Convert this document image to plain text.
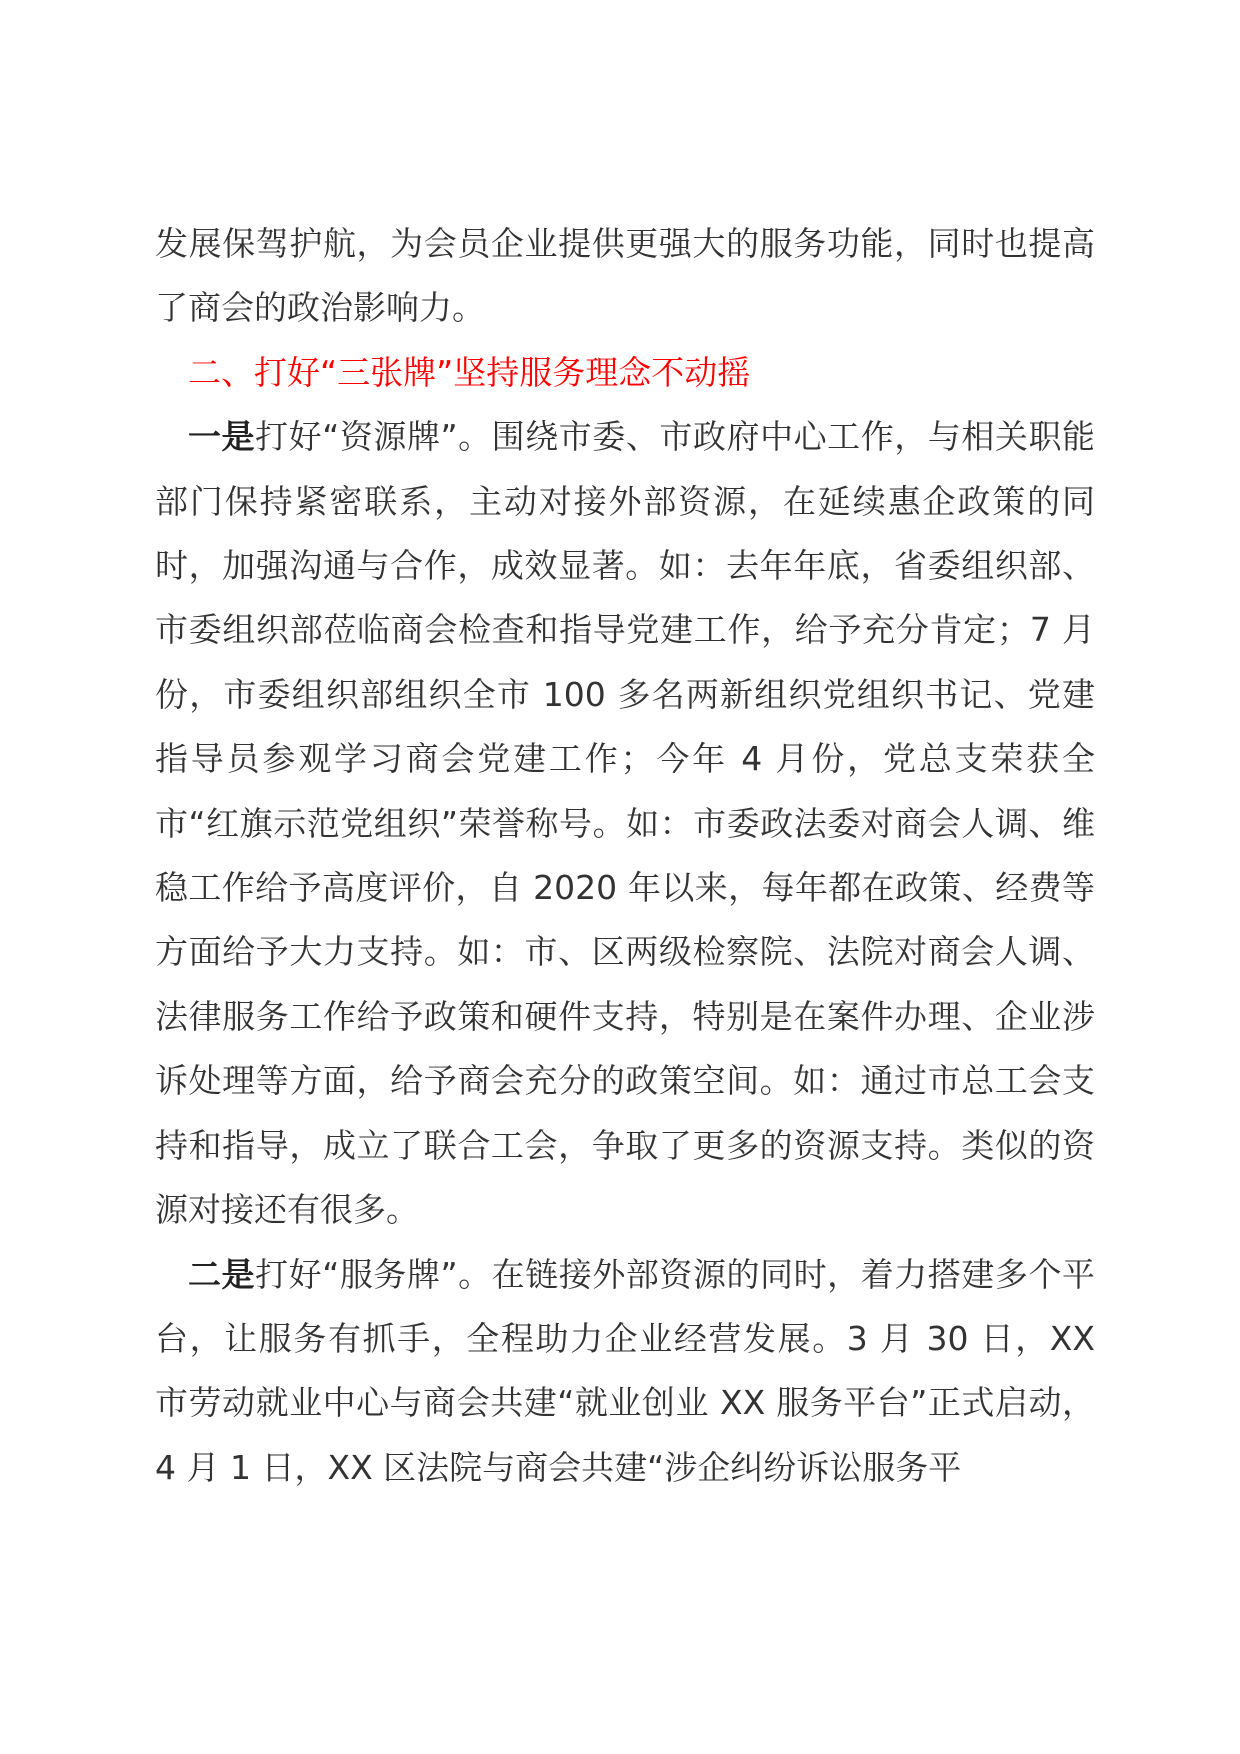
发展保驾护航，为会员企业提供更强大的服务功能，同时也提高了商会的政治影响力。

二、打好“三张牌”坚持服务理念不动摇

一是打好“资源牌”。围绕市委、市政府中心工作，与相关职能部门保持紧密联系，主动对接外部资源，在延续惠企政策的同时，加强沟通与合作，成效显著。如：去年年底，省委组织部、市委组织部莅临商会检查和指导党建工作，给予充分肯定；7 月份，市委组织部组织全市 100 多名两新组织党组织书记、党建指导员参观学习商会党建工作；今年 4 月份，党总支荣获全市“红旗示范党组织”荣誉称号。如：市委政法委对商会人调、维稳工作给予高度评价，自 2020 年以来，每年都在政策、经费等方面给予大力支持。如：市、区两级检察院、法院对商会人调、法律服务工作给予政策和硬件支持，特别是在案件办理、企业涉诉处理等方面，给予商会充分的政策空间。如：通过市总工会支持和指导，成立了联合工会，争取了更多的资源支持。类似的资源对接还有很多。

二是打好“服务牌”。在链接外部资源的同时，着力搭建多个平台，让服务有抓手，全程助力企业经营发展。3 月 30 日，XX 市劳动就业中心与商会共建“就业创业 XX 服务平台”正式启动，4 月 1 日，XX 区法院与商会共建“涉企纠纷诉讼服务平
